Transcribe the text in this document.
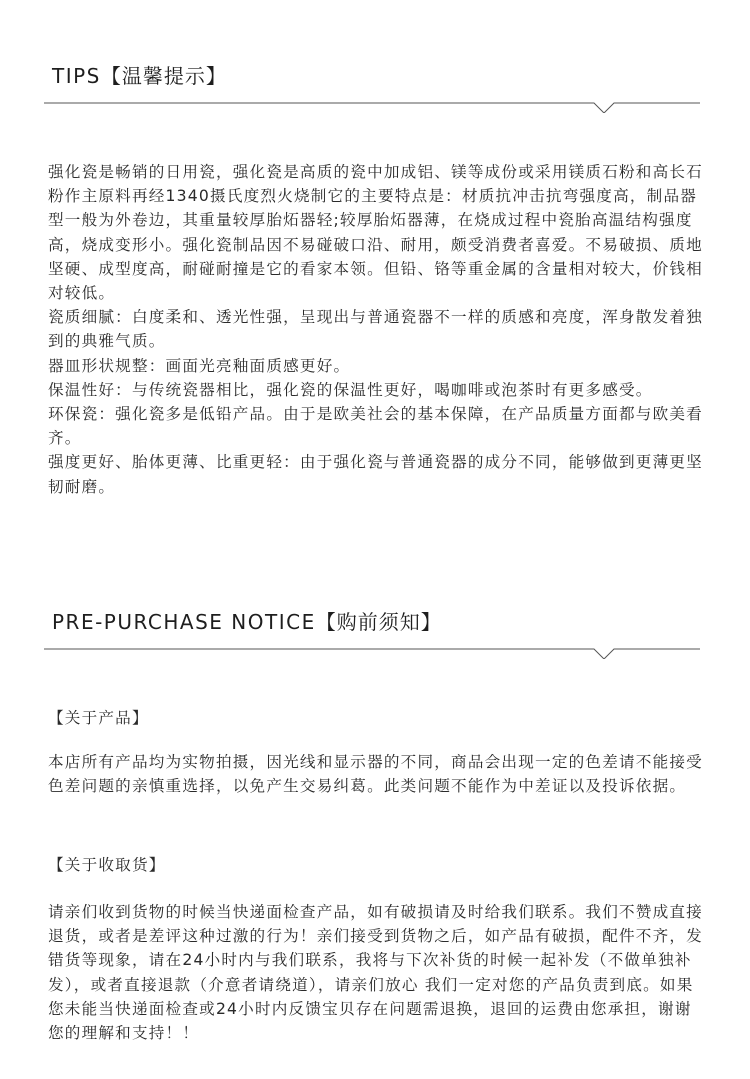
TIPS【温馨提示】

强化瓷是畅销的日用瓷，强化瓷是高质的瓷中加成铝、镁等成份或采用镁质石粉和高长石粉作主原料再经1340摄氏度烈火烧制它的主要特点是：材质抗冲击抗弯强度高，制品器型一般为外卷边，其重量较厚胎炻器轻;较厚胎炻器薄，在烧成过程中瓷胎高温结构强度高，烧成变形小。强化瓷制品因不易碰破口沿、耐用，颇受消费者喜爱。不易破损、质地坚硬、成型度高，耐碰耐撞是它的看家本领。但铅、铬等重金属的含量相对较大，价钱相对较低。

瓷质细腻：白度柔和、透光性强，呈现出与普通瓷器不一样的质感和亮度，浑身散发着独到的典雅气质。

器皿形状规整：画面光亮釉面质感更好。

保温性好：与传统瓷器相比，强化瓷的保温性更好，喝咖啡或泡茶时有更多感受。

环保瓷：强化瓷多是低铅产品。由于是欧美社会的基本保障，在产品质量方面都与欧美看齐。

强度更好、胎体更薄、比重更轻：由于强化瓷与普通瓷器的成分不同，能够做到更薄更坚韧耐磨。

PRE-PURCHASE NOTICE【购前须知】
【关于产品】
本店所有产品均为实物拍摄，因光线和显示器的不同，商品会出现一定的色差请不能接受色差问题的亲慎重选择，以免产生交易纠葛。此类问题不能作为中差证以及投诉依据。
【关于收取货】
请亲们收到货物的时候当快递面检查产品，如有破损请及时给我们联系。我们不赞成直接退货，或者是差评这种过激的行为！亲们接受到货物之后，如产品有破损，配件不齐，发错货等现象，请在24小时内与我们联系，我将与下次补货的时候一起补发（不做单独补发），或者直接退款（介意者请绕道），请亲们放心 我们一定对您的产品负责到底。如果您未能当快递面检查或24小时内反馈宝贝存在问题需退换，退回的运费由您承担，谢谢您的理解和支持！！
